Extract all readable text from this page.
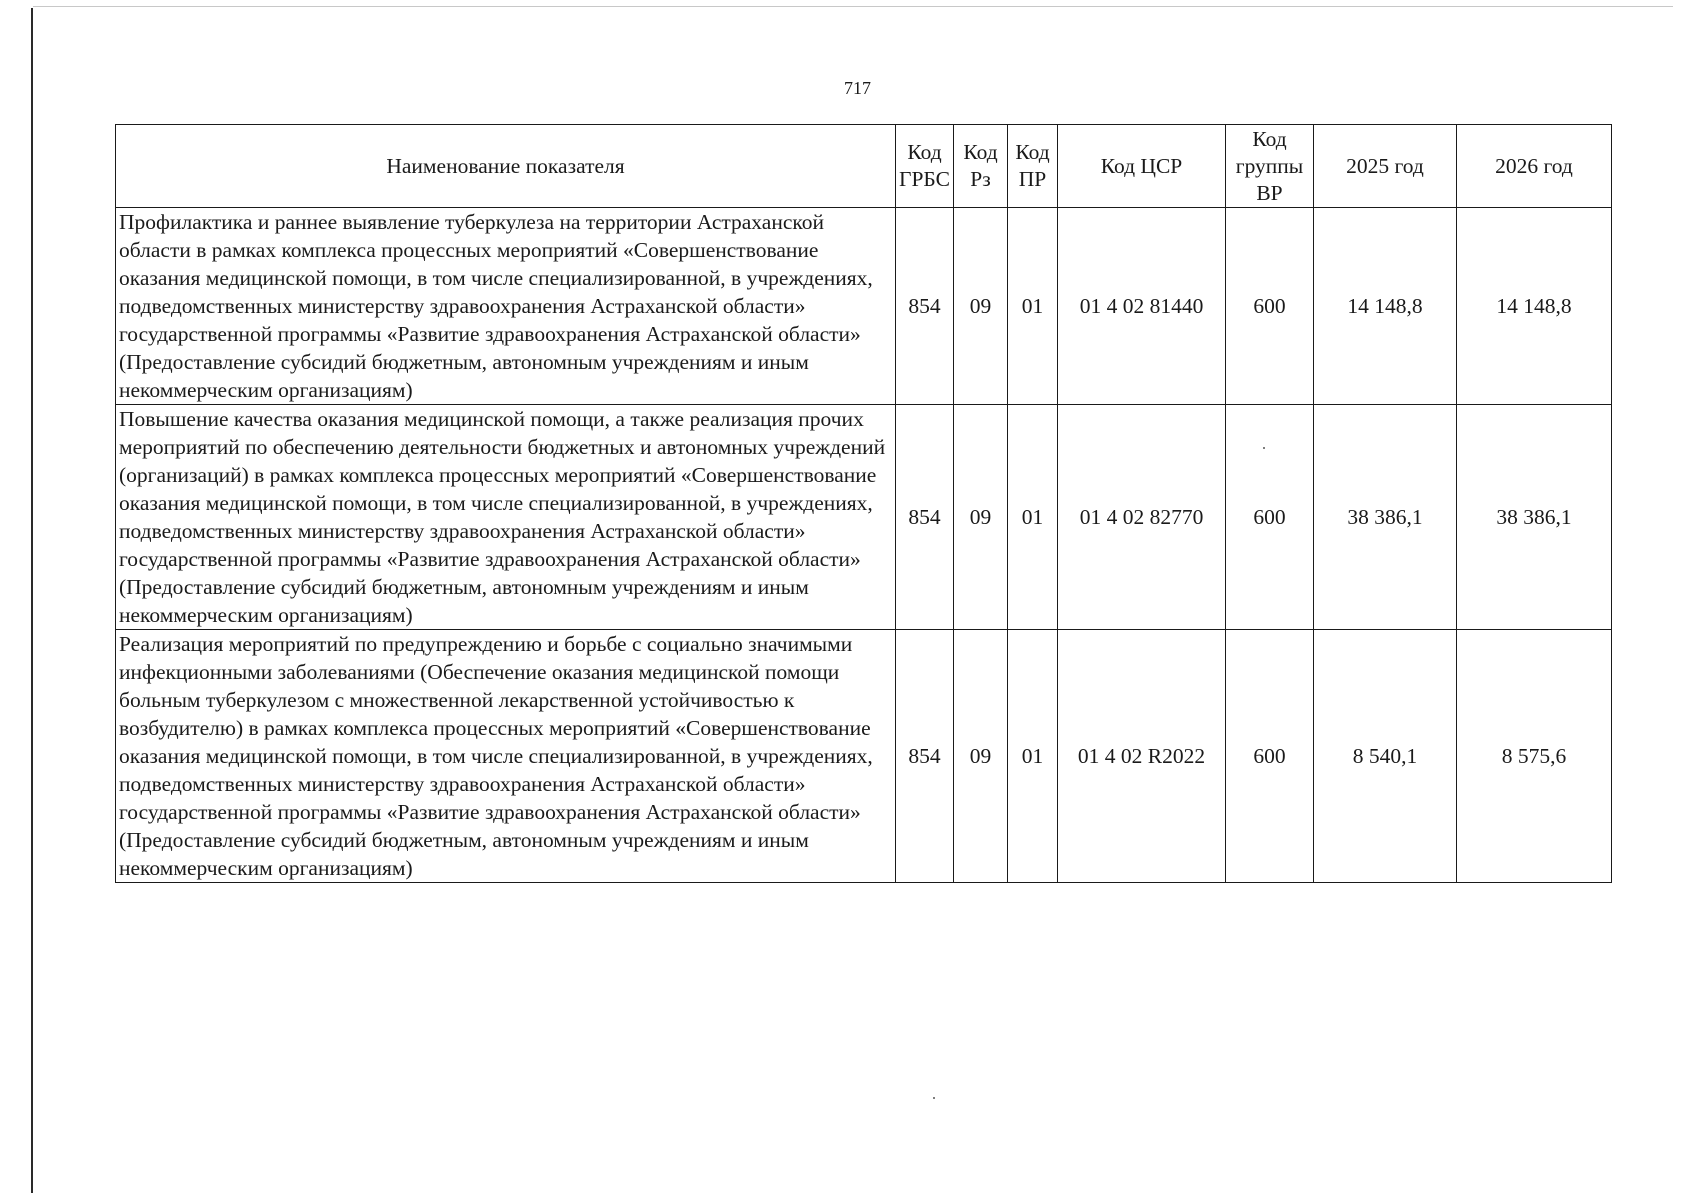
717
Наименование показателя	Код ГРБС	Код Рз	Код ПР	Код ЦСР	Код группы ВР	2025 год	2026 год
Профилактика и раннее выявление туберкулеза на территории Астраханской области в рамках комплекса процессных мероприятий «Совершенствование оказания медицинской помощи, в том числе специализированной, в учреждениях, подведомственных министерству здравоохранения Астраханской области» государственной программы «Развитие здравоохранения Астраханской области» (Предоставление субсидий бюджетным, автономным учреждениям и иным некоммерческим организациям)	854	09	01	01 4 02 81440	600	14 148,8	14 148,8
Повышение качества оказания медицинской помощи, а также реализация прочих мероприятий по обеспечению деятельности бюджетных и автономных учреждений (организаций) в рамках комплекса процессных мероприятий «Совершенствование оказания медицинской помощи, в том числе специализированной, в учреждениях, подведомственных министерству здравоохранения Астраханской области» государственной программы «Развитие здравоохранения Астраханской области» (Предоставление субсидий бюджетным, автономным учреждениям и иным некоммерческим организациям)	854	09	01	01 4 02 82770	600	38 386,1	38 386,1
Реализация мероприятий по предупреждению и борьбе с социально значимыми инфекционными заболеваниями (Обеспечение оказания медицинской помощи больным туберкулезом с множественной лекарственной устойчивостью к возбудителю) в рамках комплекса процессных мероприятий «Совершенствование оказания медицинской помощи, в том числе специализированной, в учреждениях, подведомственных министерству здравоохранения Астраханской области» государственной программы «Развитие здравоохранения Астраханской области» (Предоставление субсидий бюджетным, автономным учреждениям и иным некоммерческим организациям)	854	09	01	01 4 02 R2022	600	8 540,1	8 575,6
